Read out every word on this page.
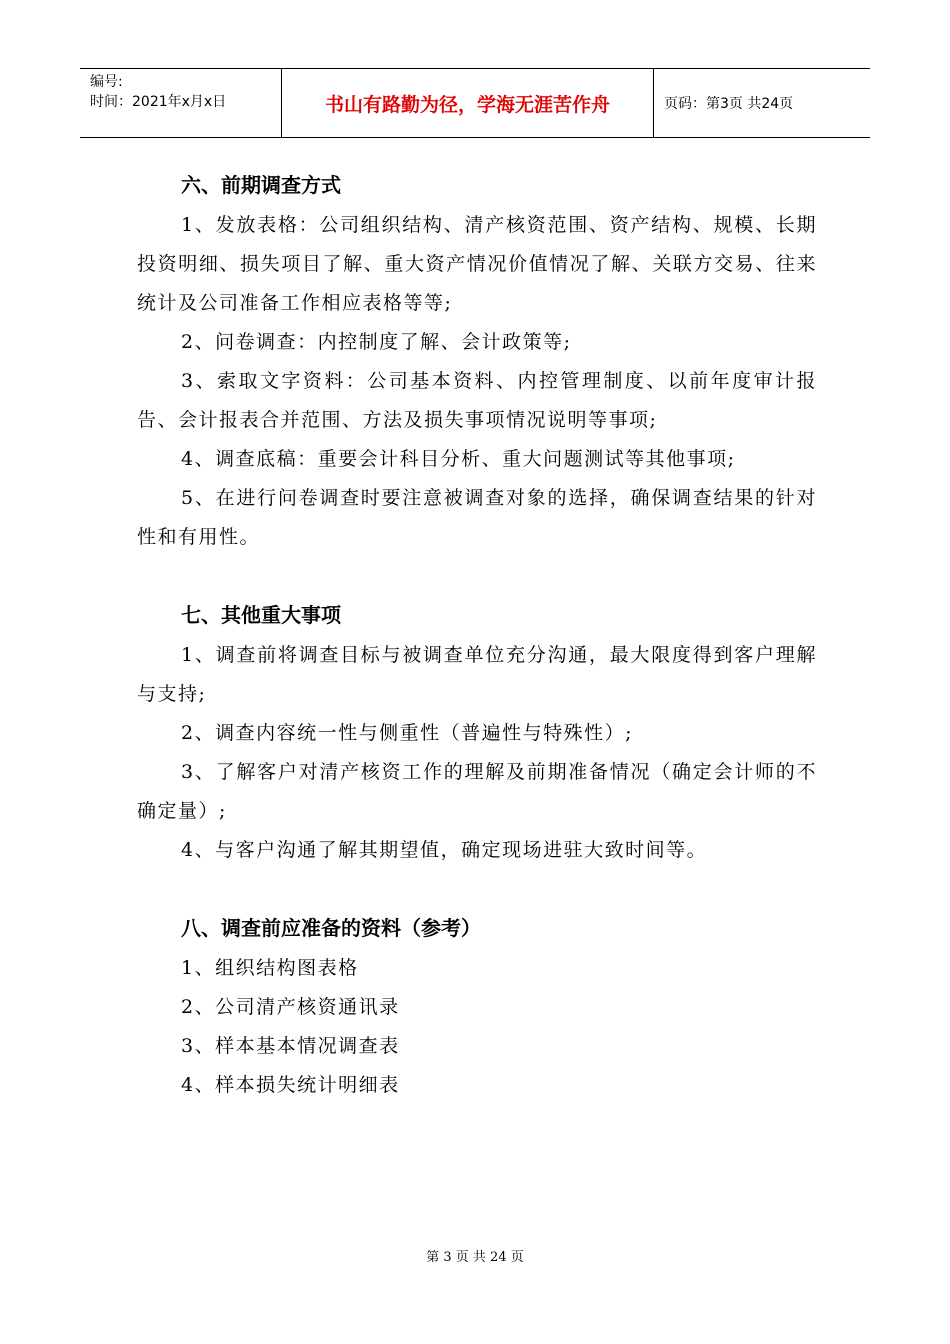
编号:
时间：2021年x月x日	书山有路勤为径，学海无涯苦作舟	页码：第3页 共24页
六、前期调查方式

1、发放表格：公司组织结构、清产核资范围、资产结构、规模、长期投资明细、损失项目了解、重大资产情况价值情况了解、关联方交易、往来统计及公司准备工作相应表格等等;

2、问卷调查：内控制度了解、会计政策等;

3、索取文字资料：公司基本资料、内控管理制度、以前年度审计报告、会计报表合并范围、方法及损失事项情况说明等事项;

4、调查底稿：重要会计科目分析、重大问题测试等其他事项;

5、在进行问卷调查时要注意被调查对象的选择，确保调查结果的针对性和有用性。

七、其他重大事项

1、调查前将调查目标与被调查单位充分沟通，最大限度得到客户理解与支持;

2、调查内容统一性与侧重性（普遍性与特殊性）;

3、了解客户对清产核资工作的理解及前期准备情况（确定会计师的不确定量）;

4、与客户沟通了解其期望值，确定现场进驻大致时间等。

八、调查前应准备的资料（参考）

1、组织结构图表格

2、公司清产核资通讯录

3、样本基本情况调查表

4、样本损失统计明细表

第 3 页 共 24 页
